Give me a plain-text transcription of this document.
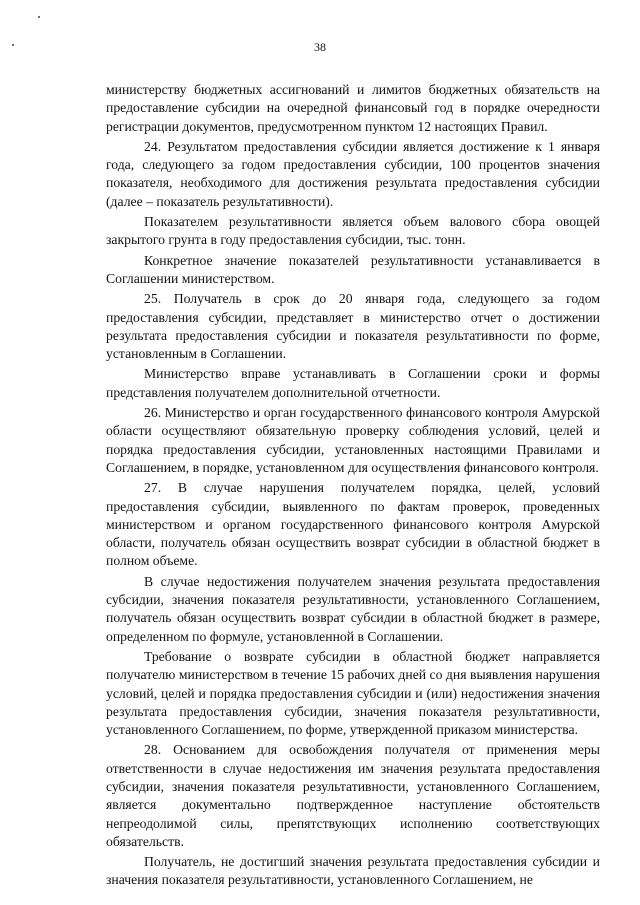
38

министерству бюджетных ассигнований и лимитов бюджетных обязательств на предоставление субсидии на очередной финансовый год в порядке очередности регистрации документов, предусмотренном пунктом 12 настоящих Правил.

24. Результатом предоставления субсидии является достижение к 1 января года, следующего за годом предоставления субсидии, 100 процентов значения показателя, необходимого для достижения результата предоставления субсидии (далее – показатель результативности).

Показателем результативности является объем валового сбора овощей закрытого грунта в году предоставления субсидии, тыс. тонн.

Конкретное значение показателей результативности устанавливается в Соглашении министерством.

25. Получатель в срок до 20 января года, следующего за годом предоставления субсидии, представляет в министерство отчет о достижении результата предоставления субсидии и показателя результативности по форме, установленным в Соглашении.

Министерство вправе устанавливать в Соглашении сроки и формы представления получателем дополнительной отчетности.

26. Министерство и орган государственного финансового контроля Амурской области осуществляют обязательную проверку соблюдения условий, целей и порядка предоставления субсидии, установленных настоящими Правилами и Соглашением, в порядке, установленном для осуществления финансового контроля.

27. В случае нарушения получателем порядка, целей, условий предоставления субсидии, выявленного по фактам проверок, проведенных министерством и органом государственного финансового контроля Амурской области, получатель обязан осуществить возврат субсидии в областной бюджет в полном объеме.

В случае недостижения получателем значения результата предоставления субсидии, значения показателя результативности, установленного Соглашением, получатель обязан осуществить возврат субсидии в областной бюджет в размере, определенном по формуле, установленной в Соглашении.

Требование о возврате субсидии в областной бюджет направляется получателю министерством в течение 15 рабочих дней со дня выявления нарушения условий, целей и порядка предоставления субсидии и (или) недостижения значения результата предоставления субсидии, значения показателя результативности, установленного Соглашением, по форме, утвержденной приказом министерства.

28. Основанием для освобождения получателя от применения меры ответственности в случае недостижения им значения результата предоставления субсидии, значения показателя результативности, установленного Соглашением, является документально подтвержденное наступление обстоятельств непреодолимой силы, препятствующих исполнению соответствующих обязательств.

Получатель, не достигший значения результата предоставления субсидии и значения показателя результативности, установленного Соглашением, не
